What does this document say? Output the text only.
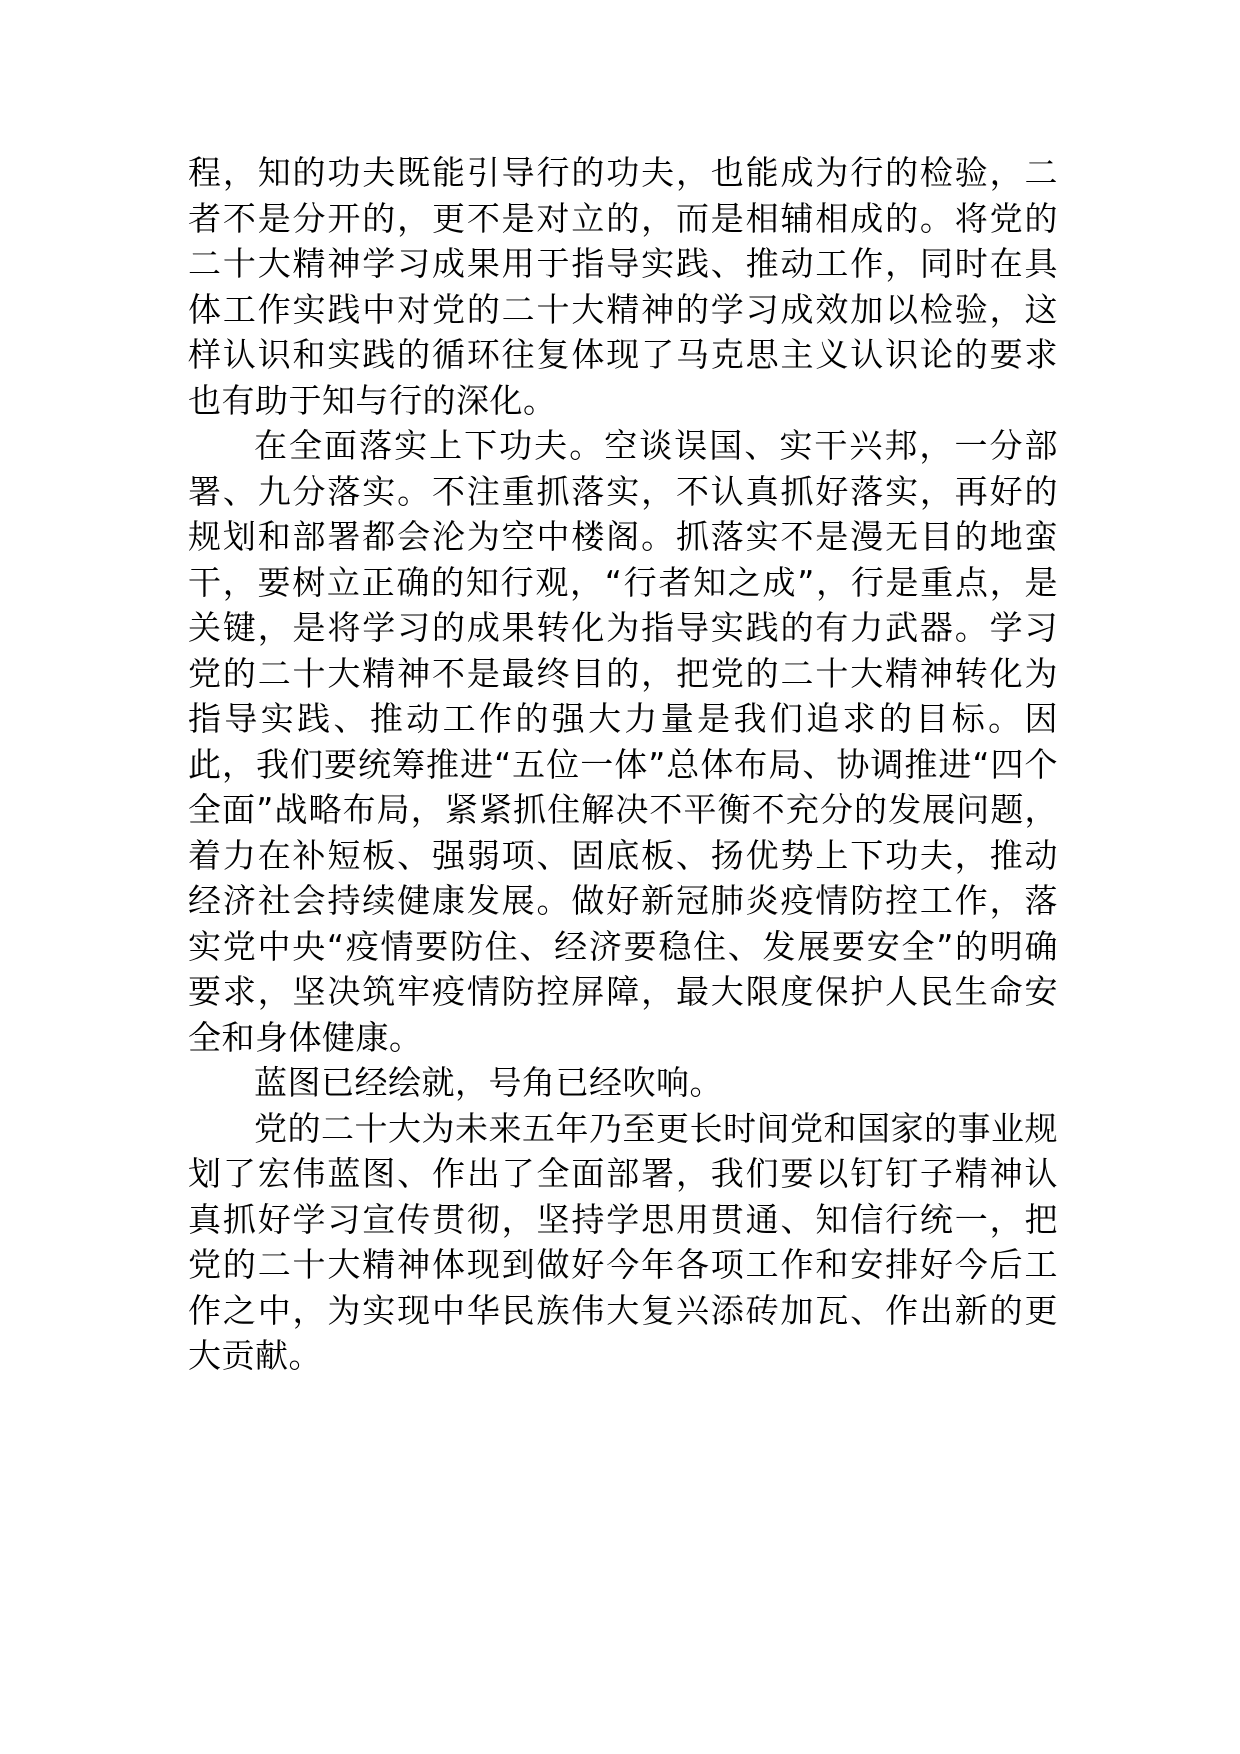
程，知的功夫既能引导行的功夫，也能成为行的检验，二者不是分开的，更不是对立的，而是相辅相成的。将党的二十大精神学习成果用于指导实践、推动工作，同时在具体工作实践中对党的二十大精神的学习成效加以检验，这样认识和实践的循环往复体现了马克思主义认识论的要求也有助于知与行的深化。

在全面落实上下功夫。空谈误国、实干兴邦，一分部署、九分落实。不注重抓落实，不认真抓好落实，再好的规划和部署都会沦为空中楼阁。抓落实不是漫无目的地蛮干，要树立正确的知行观，“行者知之成”，行是重点，是关键，是将学习的成果转化为指导实践的有力武器。学习党的二十大精神不是最终目的，把党的二十大精神转化为指导实践、推动工作的强大力量是我们追求的目标。因此，我们要统筹推进“五位一体”总体布局、协调推进“四个全面”战略布局，紧紧抓住解决不平衡不充分的发展问题，着力在补短板、强弱项、固底板、扬优势上下功夫，推动经济社会持续健康发展。做好新冠肺炎疫情防控工作，落实党中央“疫情要防住、经济要稳住、发展要安全”的明确要求，坚决筑牢疫情防控屏障，最大限度保护人民生命安全和身体健康。

蓝图已经绘就，号角已经吹响。

党的二十大为未来五年乃至更长时间党和国家的事业规划了宏伟蓝图、作出了全面部署，我们要以钉钉子精神认真抓好学习宣传贯彻，坚持学思用贯通、知信行统一，把党的二十大精神体现到做好今年各项工作和安排好今后工作之中，为实现中华民族伟大复兴添砖加瓦、作出新的更大贡献。
